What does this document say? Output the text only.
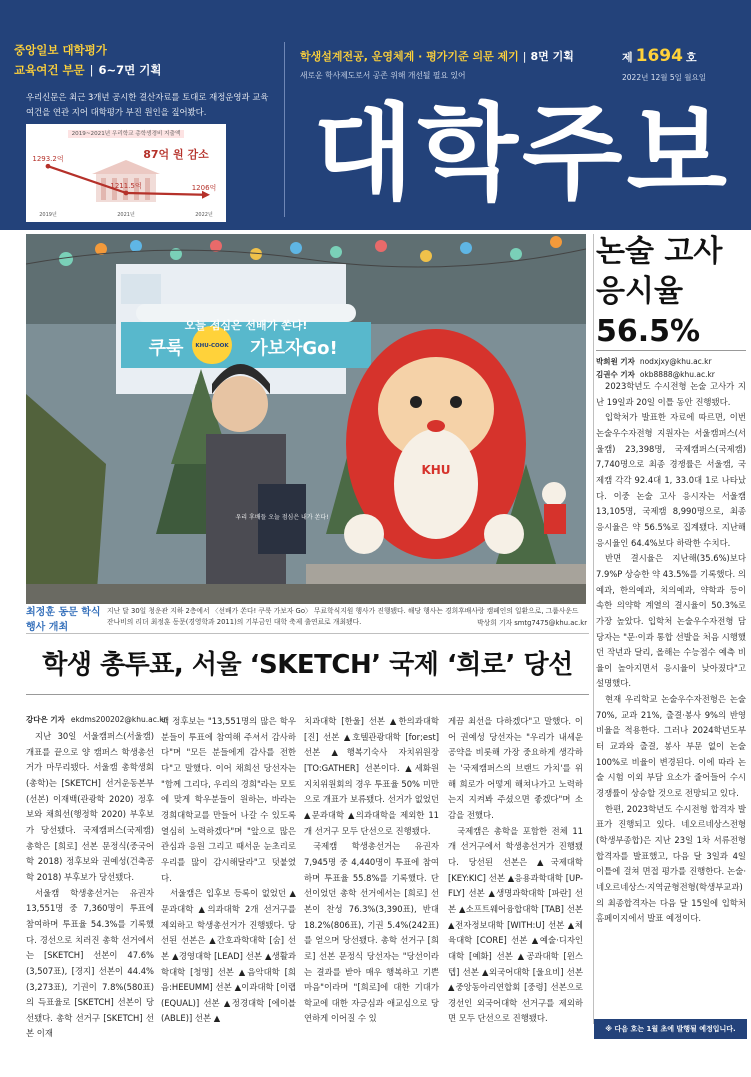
중앙일보 대학평가
교육여건 부문 | 6~7면 기획
우리신문은 최근 3개년 공시한 결산자료를 토대로 재정운영과 교육여건을 연관 지어 대학평가 부진 원인을 짚어봤다.
1293.2억
2019년
1211.5억
2021년
1206억
2022년
87억 원 감소
2019~2021년 우리학교 총학생경비 지출액
학생설계전공, 운영체계 · 평가기준 의문 제기 | 8면 기획
새로운 학사제도로서 공존 위해 개선될 필요 있어
제 1694 호
2022년 12월 5일 월요일
대학주보
오늘 점심은 선배가 쏜다!
쿠룩 KHU-COOK 가보자Go!
KHU
우리 후배들 오늘 점심은 내가 쏜다!
최정훈 동문 학식행사 개최
지난 달 30일 청운관 지하 2층에서 〈선배가 쏜다! 쿠룩 가보자 Go〉 무료학식지원 행사가 진행됐다. 해당 행사는 경희후배사랑 캠페인의 일환으로, 그룹사운드 잔나비의 리더 최정훈 동문(경영학과 2011)의 기부금인 대학 축제 출연료로 개최됐다.	박상희 기자 smtg7475@khu.ac.kr
논술 고사 응시율 56.5%
박희원 기자 nodxjxy@khu.ac.kr
김권수 기자 okb8888@khu.ac.kr

2023학년도 수시전형 논술 고사가 지난 19일과 20일 이틀 동안 진행됐다.

입학처가 발표한 자료에 따르면, 이번 논술우수자전형 지원자는 서울캠퍼스(서울캠) 23,398명, 국제캠퍼스(국제캠) 7,740명으로 최종 경쟁률은 서울캠, 국제캠 각각 92.4대 1, 33.0대 1로 나타났다. 이중 논술 고사 응시자는 서울캠 13,105명, 국제캠 8,990명으로, 최종 응시율은 약 56.5%로 집계됐다. 지난해 응시율인 64.4%보다 하락한 수치다.

반면 결시율은 지난해(35.6%)보다 7.9%P 상승한 약 43.5%를 기록했다. 의예과, 한의예과, 치의예과, 약학과 등이 속한 의약학 계열의 결시율이 50.3%로 가장 높았다. 입학처 논술우수자전형 담당자는 "문·이과 통합 선발을 처음 시행했던 작년과 달리, 올해는 수능점수 예측 비율이 높아지면서 응시율이 낮아졌다"고 설명했다.

현재 우리학교 논술우수자전형은 논술 70%, 교과 21%, 출결·봉사 9%의 반영 비율을 적용한다. 그러나 2024학년도부터 교과와 출결, 봉사 부문 없이 논술 100%로 비율이 변경된다. 이에 따라 논술 시험 이외 부담 요소가 줄어들어 수시 경쟁률이 상승할 것으로 전망되고 있다.

한편, 2023학년도 수시전형 합격자 발표가 진행되고 있다. 네오르네상스전형(학생부종합)은 지난 23일 1차 서류전형 합격자를 발표했고, 다음 달 3일과 4일 이틀에 걸쳐 면접 평가를 진행한다. 논술·네오르네상스·지역균형전형(학생부교과)의 최종합격자는 다음 달 15일에 입학처 홈페이지에서 발표 예정이다.

※ 다음 호는 1월 초에 발행될 예정입니다.
학생 총투표, 서울 ‘SKETCH’ 국제 ‘희로’ 당선
강다은 기자 ekdms200202@khu.ac.kr

지난 30일 서울캠퍼스(서울캠) 개표를 끝으로 양 캠퍼스 학생총선거가 마무리됐다. 서울캠 총학생회(총학)는 [SKETCH] 선거운동본부(선본) 이재백(관광학 2020) 정후보와 채희선(행정학 2020) 부후보가 당선됐다. 국제캠퍼스(국제캠) 총학은 [희로] 선본 문정식(중국어학 2018) 정후보와 권예성(건축공학 2018) 부후보가 당선됐다.

서울캠 학생총선거는 유권자 13,551명 중 7,360명이 투표에 참여하며 투표율 54.3%를 기록했다. 경선으로 치러진 총학 선거에서는 [SKETCH] 선본이 47.6%(3,507표), [경지] 선본이 44.4%(3,273표), 기권이 7.8%(580표)의 득표율로 [SKETCH] 선본이 당선됐다. 총학 선거구 [SKETCH] 선본 이재

백 정후보는 "13,551명의 많은 학우분들이 투표에 참여해 주셔서 감사하다"며 "모든 분들에게 감사를 전한다"고 말했다. 이어 채희선 당선자는 "함께 그리다, 우리의 경희"라는 모토에 맞게 학우분들이 원하는, 바라는 경희대학교를 만들어 나갈 수 있도록 열심히 노력하겠다"며 "앞으로 많은 관심과 응원 그리고 때서운 눈초리로 우리를 많이 감시해달라"고 덧붙였다.

서울캠은 입후보 등록이 없었던 ▲문과대학 ▲의과대학 2개 선거구를 제외하고 학생총선거가 진행됐다. 당선된 선본은 ▲간호과학대학 [숨] 선본 ▲경영대학 [LEAD] 선본 ▲생활과학대학 [청명] 선본 ▲음악대학 [희음:HEEUMM] 선본 ▲이과대학 [이랩(EQUAL)] 선본 ▲정경대학 [에이블(ABLE)] 선본 ▲

치과대학 [한울] 선본 ▲한의과대학 [진] 선본 ▲호텔관광대학 [for;est] 선본 ▲행복기숙사 자치위원장 [TO:GATHER] 선본이다. ▲세화원 지치위원회의 경우 투표율 50% 미만으로 개표가 보류됐다. 선거가 없었던 ▲문과대학 ▲의과대학을 제외한 11개 선거구 모두 단선으로 진행됐다.

국제캠 학생총선거는 유권자 7,945명 중 4,440명이 투표에 참여하며 투표율 55.8%를 기록했다. 단선이었던 총학 선거에서는 [희로] 선본이 찬성 76.3%(3,390표), 반대 18.2%(806표), 기권 5.4%(242표)를 얻으며 당선됐다. 총학 선거구 [희로] 선본 문정식 당선자는 "당선이라는 결과를 받아 매우 행복하고 기쁜 마음"이라며 "[희로]에 대한 기대가 학교에 대한 자긍심과 애교심으로 당연하게 이어질 수 있

게끔 최선을 다하겠다"고 말했다. 이어 권예성 당선자는 "우리가 내세운 공약을 비롯해 가장 중요하게 생각하는 '국제캠퍼스의 브랜드 가치'를 위해 희로가 어떻게 해쳐나가고 노력하는지 지켜봐 주셨으면 좋겠다"며 소감을 전했다.

국제캠은 총학을 포함한 전체 11개 선거구에서 학생총선거가 진행됐다. 당선된 선본은 ▲국제대학 [KEY:KIC] 선본 ▲응용과학대학 [UP-FLY] 선본 ▲생명과학대학 [파란] 선본 ▲소프트웨어융합대학 [TAB] 선본 ▲전자정보대학 [WITH:U] 선본 ▲체육대학 [CORE] 선본 ▲예술·디자인대학 [예화] 선본 ▲공과대학 [윈스텝] 선본 ▲외국어대학 [울요비] 선본 ▲중앙동아리연합회 [중령] 선본으로 경선인 외국어대학 선거구를 제외하면 모두 단선으로 진행됐다.
